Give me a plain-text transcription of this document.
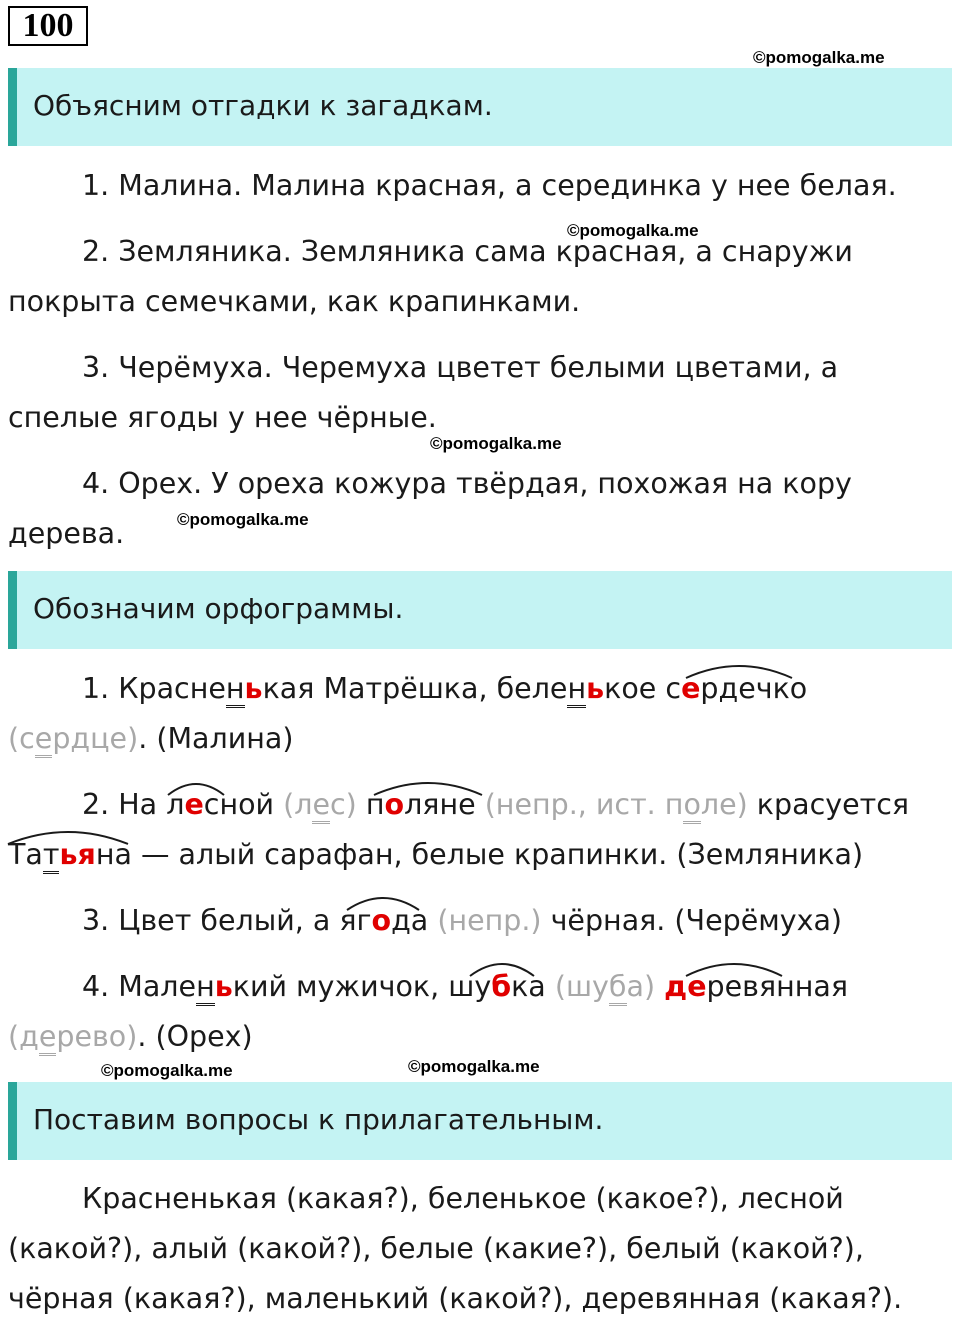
100
©pomogalka.me
Объясним отгадки к загадкам.
1. Малина. Малина красная, а серединка у нее белая.
©pomogalka.me
2. Земляника. Земляника сама красная, а снаружи
покрыта семечками, как крапинками.
3. Черёмуха. Черемуха цветет белыми цветами, а
спелые ягоды у нее чёрные.
©pomogalka.me
4. Орех. У ореха кожура твёрдая, похожая на кору
дерева.	©pomogalka.me
Обозначим орфограммы.
1. Красненькая Матрёшка, беленькое сердечко
(сердце). (Малина)
2. На лесной (лес) поляне (непр., ист. поле) красуется
Татьяна — алый сарафан, белые крапинки. (Земляника)
3. Цвет белый, а ягода (непр.) чёрная. (Черёмуха)
4. Маленький мужичок, шубка (шуба) деревянная
(дерево). (Орех)
©pomogalka.me	©pomogalka.me
Поставим вопросы к прилагательным.
Красненькая (какая?), беленькое (какое?), лесной
(какой?), алый (какой?), белые (какие?), белый (какой?),
чёрная (какая?), маленький (какой?), деревянная (какая?).
